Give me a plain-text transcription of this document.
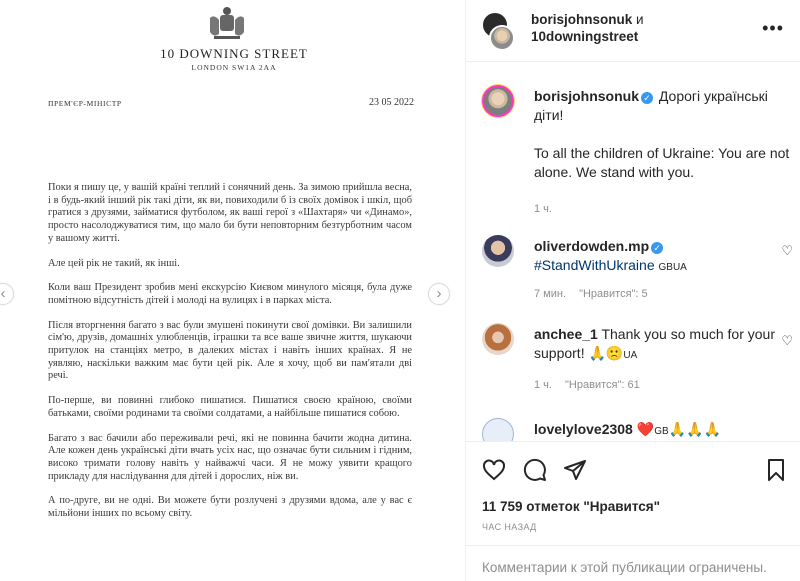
10 DOWNING STREET
LONDON SW1A 2AA
ПРЕМ'ЄР-МІНІСТР	23 05 2022

Поки я пишу це, у вашій країні теплий і сонячний день. За зимою прийшла весна, і в будь-який інший рік такі діти, як ви, повиходили б із своїх домівок і шкіл, щоб гратися з друзями, займатися футболом, як ваші герої з «Шахтаря» чи «Динамо», просто насолоджуватися тим, що мало би бути неповторним безтурботним часом у вашому житті.

Але цей рік не такий, як інші.

Коли ваш Президент зробив мені екскурсію Києвом минулого місяця, була дуже помітною відсутність дітей і молоді на вулицях і в парках міста.

Після вторгнення багато з вас були змушені покинути свої домівки. Ви залишили сім'ю, друзів, домашніх улюбленців, іграшки та все ваше звичне життя, шукаючи притулок на станціях метро, в далеких містах і навіть інших країнах. Я не уявляю, наскільки важким має бути цей рік. Але я хочу, щоб ви пам'ятали дві речі.

По-перше, ви повинні глибоко пишатися. Пишатися своєю країною, своїми батьками, своїми родинами та своїми солдатами, а найбільше пишатися собою.

Багато з вас бачили або переживали речі, які не повинна бачити жодна дитина. Але кожен день українські діти вчать усіх нас, що означає бути сильним і гідним, високо тримати голову навіть у найважчі часи. Я не можу уявити кращого прикладу для наслідування для дітей і дорослих, ніж ви.

А по-друге, ви не одні. Ви можете бути розлучені з друзями вдома, але у вас є мільйони інших по всьому світу.

‹	›
borisjohnsonuk и
10downingstreet	•••
borisjohnsonuk ✓ Дорогі українські діти!

To all the children of Ukraine: You are not alone. We stand with you.
1 ч.
oliverdowden.mp ✓
#StandWithUkraine GBUA
♡
7 мин. "Нравится": 5
anchee_1 Thank you so much for your support! 🙏🙁UA
♡
1 ч. "Нравится": 61
lovelylove2308 ❤️GB🙏🙏🙏
11 759 отметок "Нравится"
ЧАС НАЗАД
Комментарии к этой публикации ограничены.
